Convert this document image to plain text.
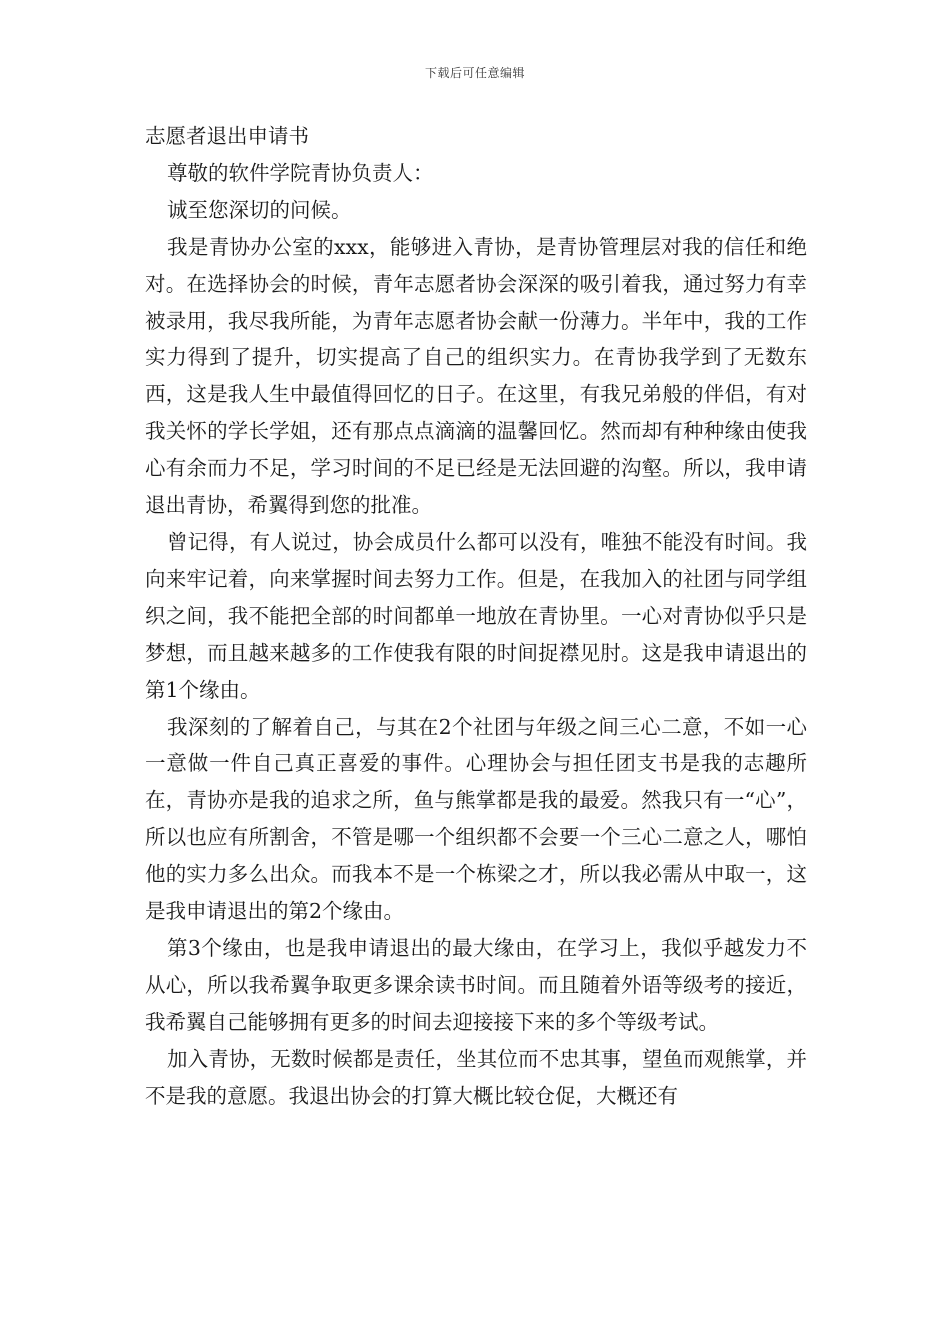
下载后可任意编辑

志愿者退出申请书

尊敬的软件学院青协负责人：

诚至您深切的问候。

我是青协办公室的xxx，能够进入青协，是青协管理层对我的信任和绝对。在选择协会的时候，青年志愿者协会深深的吸引着我，通过努力有幸被录用，我尽我所能，为青年志愿者协会献一份薄力。半年中，我的工作实力得到了提升，切实提高了自己的组织实力。在青协我学到了无数东西，这是我人生中最值得回忆的日子。在这里，有我兄弟般的伴侣，有对我关怀的学长学姐，还有那点点滴滴的温馨回忆。然而却有种种缘由使我心有余而力不足，学习时间的不足已经是无法回避的沟壑。所以，我申请退出青协，希翼得到您的批准。

曾记得，有人说过，协会成员什么都可以没有，唯独不能没有时间。我向来牢记着，向来掌握时间去努力工作。但是，在我加入的社团与同学组织之间，我不能把全部的时间都单一地放在青协里。一心对青协似乎只是梦想，而且越来越多的工作使我有限的时间捉襟见肘。这是我申请退出的第1个缘由。

我深刻的了解着自己，与其在2个社团与年级之间三心二意，不如一心一意做一件自己真正喜爱的事件。心理协会与担任团支书是我的志趣所在，青协亦是我的追求之所，鱼与熊掌都是我的最爱。然我只有一“心”，所以也应有所割舍，不管是哪一个组织都不会要一个三心二意之人，哪怕他的实力多么出众。而我本不是一个栋梁之才，所以我必需从中取一，这是我申请退出的第2个缘由。

第3个缘由，也是我申请退出的最大缘由，在学习上，我似乎越发力不从心，所以我希翼争取更多课余读书时间。而且随着外语等级考的接近，我希翼自己能够拥有更多的时间去迎接接下来的多个等级考试。

加入青协，无数时候都是责任，坐其位而不忠其事，望鱼而观熊掌，并不是我的意愿。我退出协会的打算大概比较仓促，大概还有
